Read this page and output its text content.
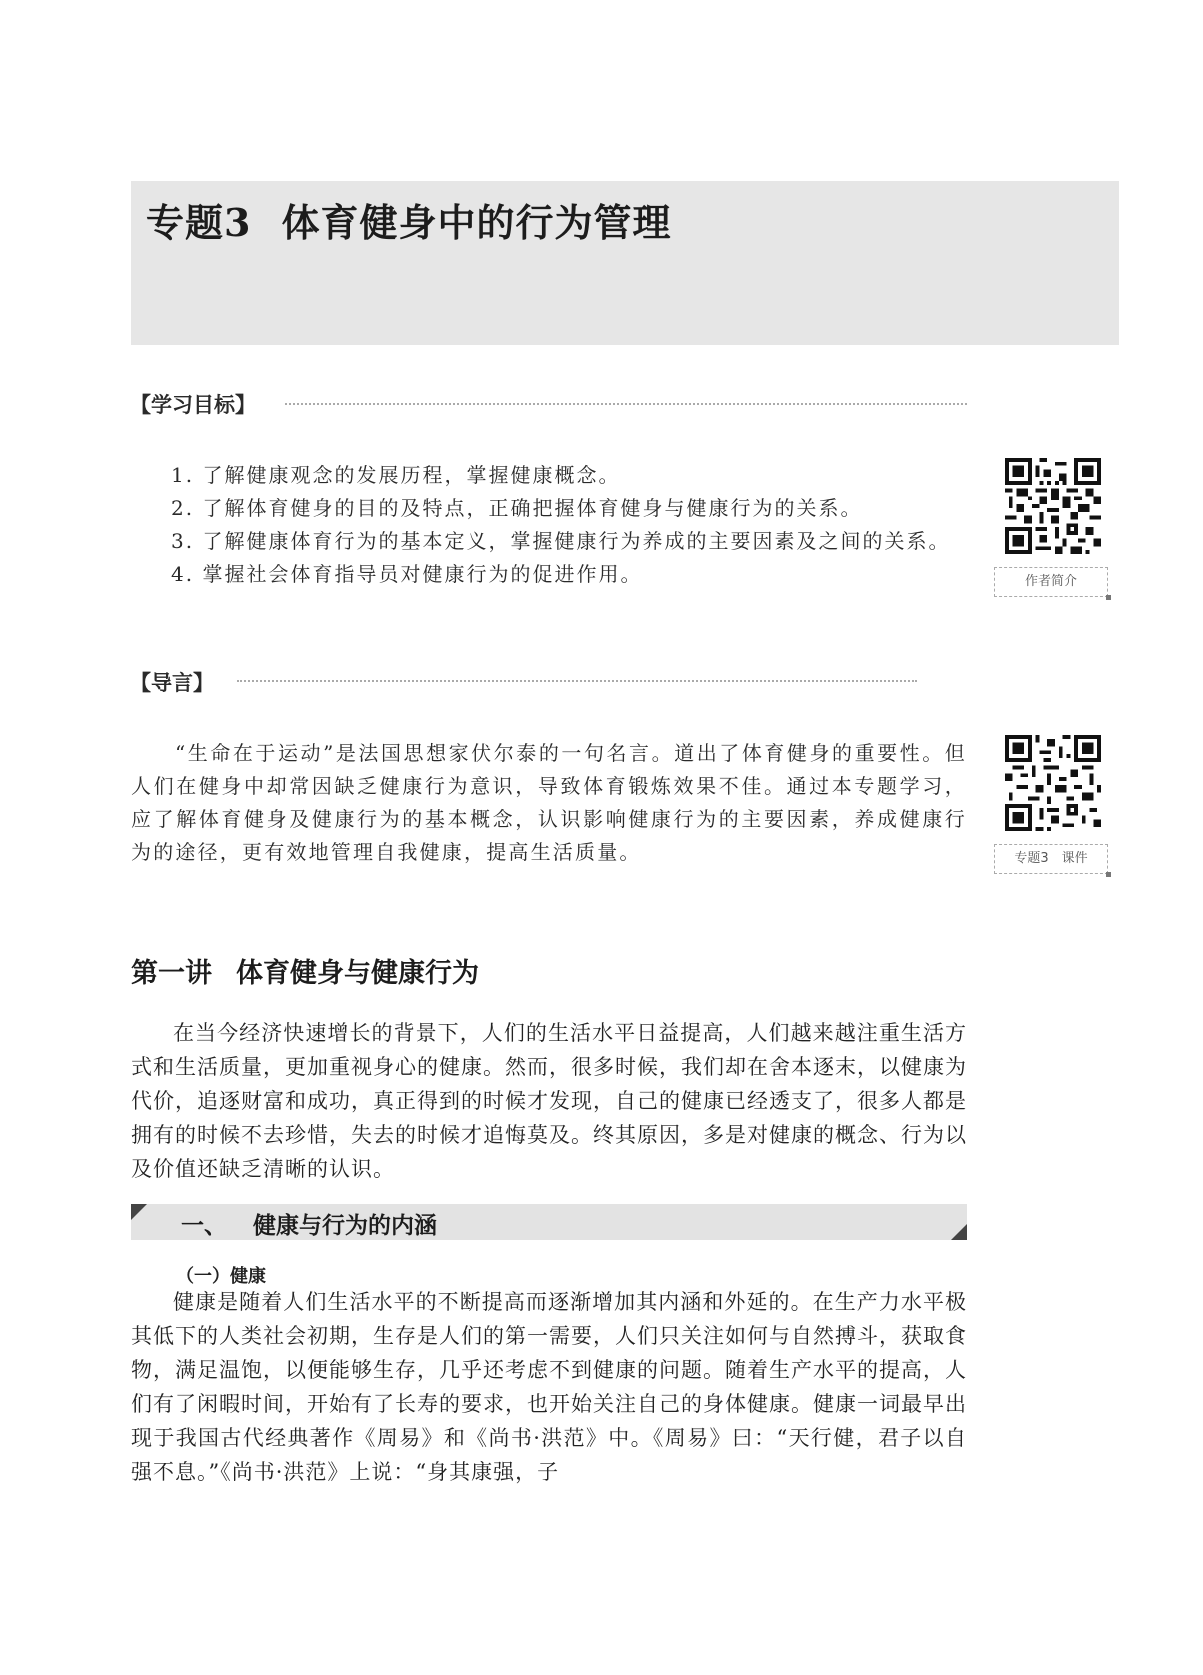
专题3 体育健身中的行为管理
【学习目标】

1. 了解健康观念的发展历程，掌握健康概念。

2. 了解体育健身的目的及特点，正确把握体育健身与健康行为的关系。

3. 了解健康体育行为的基本定义，掌握健康行为养成的主要因素及之间的关系。

4. 掌握社会体育指导员对健康行为的促进作用。	作者简介
【导言】

“生命在于运动”是法国思想家伏尔泰的一句名言。道出了体育健身的重要性。但人们在健身中却常因缺乏健康行为意识，导致体育锻炼效果不佳。通过本专题学习，应了解体育健身及健康行为的基本概念，认识影响健康行为的主要因素，养成健康行为的途径，更有效地管理自我健康，提高生活质量。	专题3　课件
第一讲 体育健身与健康行为

在当今经济快速增长的背景下，人们的生活水平日益提高，人们越来越注重生活方式和生活质量，更加重视身心的健康。然而，很多时候，我们却在舍本逐末，以健康为代价，追逐财富和成功，真正得到的时候才发现，自己的健康已经透支了，很多人都是拥有的时候不去珍惜，失去的时候才追悔莫及。终其原因，多是对健康的概念、行为以及价值还缺乏清晰的认识。

一、 健康与行为的内涵
（一）健康

健康是随着人们生活水平的不断提高而逐渐增加其内涵和外延的。在生产力水平极其低下的人类社会初期，生存是人们的第一需要，人们只关注如何与自然搏斗，获取食物，满足温饱，以便能够生存，几乎还考虑不到健康的问题。随着生产水平的提高，人们有了闲暇时间，开始有了长寿的要求，也开始关注自己的身体健康。健康一词最早出现于我国古代经典著作《周易》和《尚书·洪范》中。《周易》曰：“天行健，君子以自强不息。”《尚书·洪范》上说：“身其康强，子
